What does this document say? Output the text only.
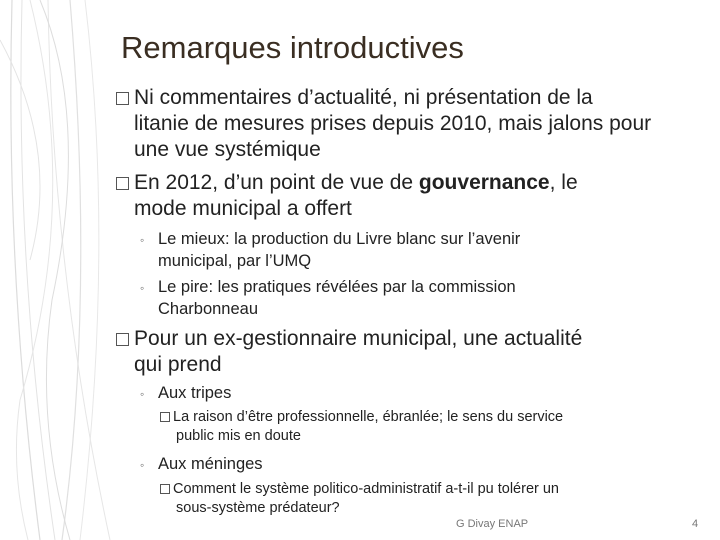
Remarques introductives
Ni commentaires d’actualité, ni présentation de la
litanie de mesures prises depuis 2010, mais jalons pour une vue systémique
En 2012, d’un point de vue de gouvernance, le
mode municipal a offert
◦ Le mieux: la production du Livre blanc sur l’avenir
municipal, par l’UMQ
◦ Le pire: les pratiques révélées par la commission
Charbonneau
Pour un ex-gestionnaire municipal, une actualité
qui prend
◦ Aux tripes
La raison d’être professionnelle, ébranlée; le sens du service
public mis en doute
◦ Aux méninges
Comment le système politico-administratif a-t-il pu tolérer un
sous-système prédateur?
G Divay ENAP	4
